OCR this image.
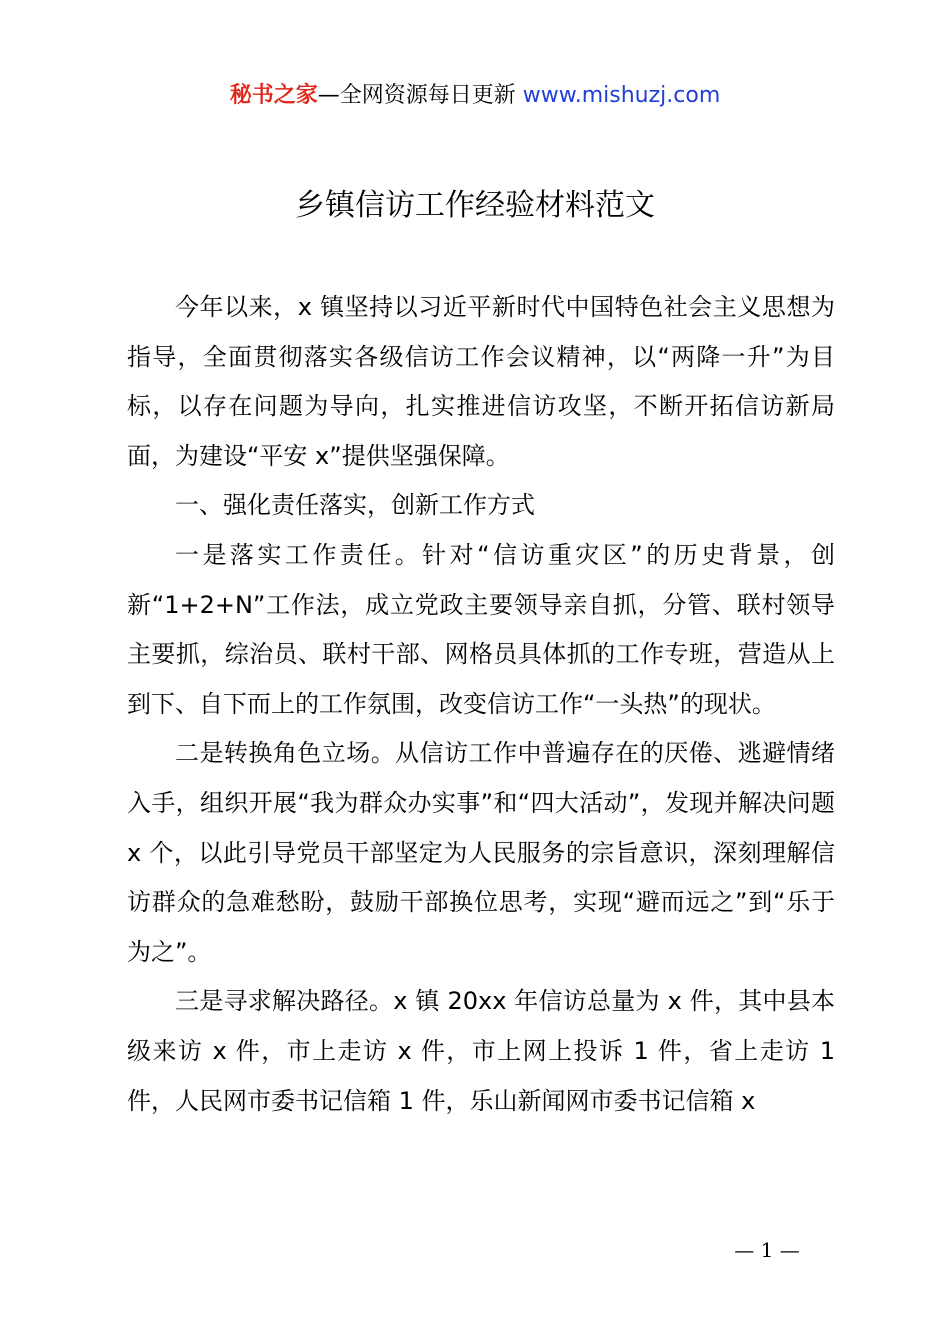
秘书之家—全网资源每日更新 www.mishuzj.com
乡镇信访工作经验材料范文

今年以来，x 镇坚持以习近平新时代中国特色社会主义思想为指导，全面贯彻落实各级信访工作会议精神，以“两降一升”为目标，以存在问题为导向，扎实推进信访攻坚，不断开拓信访新局面，为建设“平安 x”提供坚强保障。

一、强化责任落实，创新工作方式

一是落实工作责任。针对“信访重灾区”的历史背景，创新“1+2+N”工作法，成立党政主要领导亲自抓，分管、联村领导主要抓，综治员、联村干部、网格员具体抓的工作专班，营造从上到下、自下而上的工作氛围，改变信访工作“一头热”的现状。

二是转换角色立场。从信访工作中普遍存在的厌倦、逃避情绪入手，组织开展“我为群众办实事”和“四大活动”，发现并解决问题 x 个，以此引导党员干部坚定为人民服务的宗旨意识，深刻理解信访群众的急难愁盼，鼓励干部换位思考，实现“避而远之”到“乐于为之”。

三是寻求解决路径。x 镇 20xx 年信访总量为 x 件，其中县本级来访 x 件，市上走访 x 件，市上网上投诉 1 件，省上走访 1 件，人民网市委书记信箱 1 件，乐山新闻网市委书记信箱 x

— 1 —
